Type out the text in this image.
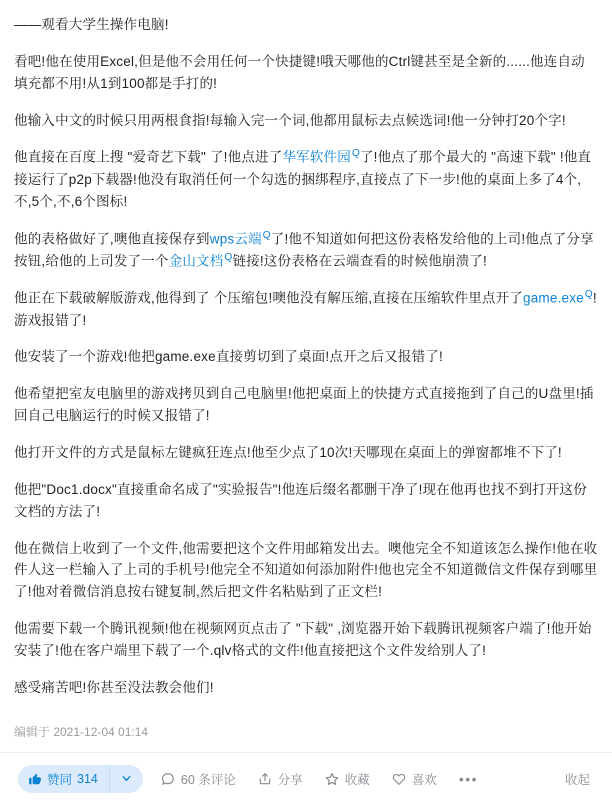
——观看大学生操作电脑!
看吧!他在使用Excel,但是他不会用任何一个快捷键!哦天哪他的Ctrl键甚至是全新的......他连自动填充都不用!从1到100都是手打的!
他输入中文的时候只用两根食指!每输入完一个词,他都用鼠标去点候选词!他一分钟打20个字!
他直接在百度上搜 "爱奇艺下载" 了!他点进了华军软件园$^Q$了!他点了那个最大的 "高速下载" !他直接运行了p2p下载器!他没有取消任何一个勾选的捆绑程序,直接点了下一步!他的桌面上多了4个,不,5个,不,6个图标!
他的表格做好了,噢他直接保存到wps云端$^Q$了!他不知道如何把这份表格发给他的上司!他点了分享按钮,给他的上司发了一个金山文档$^Q$链接!这份表格在云端查看的时候他崩溃了!
他正在下载破解版游戏,他得到了 个压缩包!噢他没有解压缩,直接在压缩软件里点开了game.exe$^Q$!游戏报错了!
他安装了一个游戏!他把game.exe直接剪切到了桌面!点开之后又报错了!
他希望把室友电脑里的游戏拷贝到自己电脑里!他把桌面上的快捷方式直接拖到了自己的U盘里!插回自己电脑运行的时候又报错了!
他打开文件的方式是鼠标左键疯狂连点!他至少点了10次!天哪现在桌面上的弹窗都堆不下了!
他把"Doc1.docx"直接重命名成了"实验报告"!他连后缀名都删干净了!现在他再也找不到打开这份文档的方法了!
他在微信上收到了一个文件,他需要把这个文件用邮箱发出去。噢他完全不知道该怎么操作!他在收件人这一栏输入了上司的手机号!他完全不知道如何添加附件!他也完全不知道微信文件保存到哪里了!他对着微信消息按右键复制,然后把文件名粘贴到了正文栏!
他需要下载一个腾讯视频!他在视频网页点击了 "下载" ,浏览器开始下载腾讯视频客户端了!他开始安装了!他在客户端里下载了一个.qlv格式的文件!他直接把这个文件发给别人了!
感受痛苦吧!你甚至没法教会他们!
编辑于 2021-12-04 01:14
赞同 314	60 条评论	分享	收藏	喜欢 •••	收起
